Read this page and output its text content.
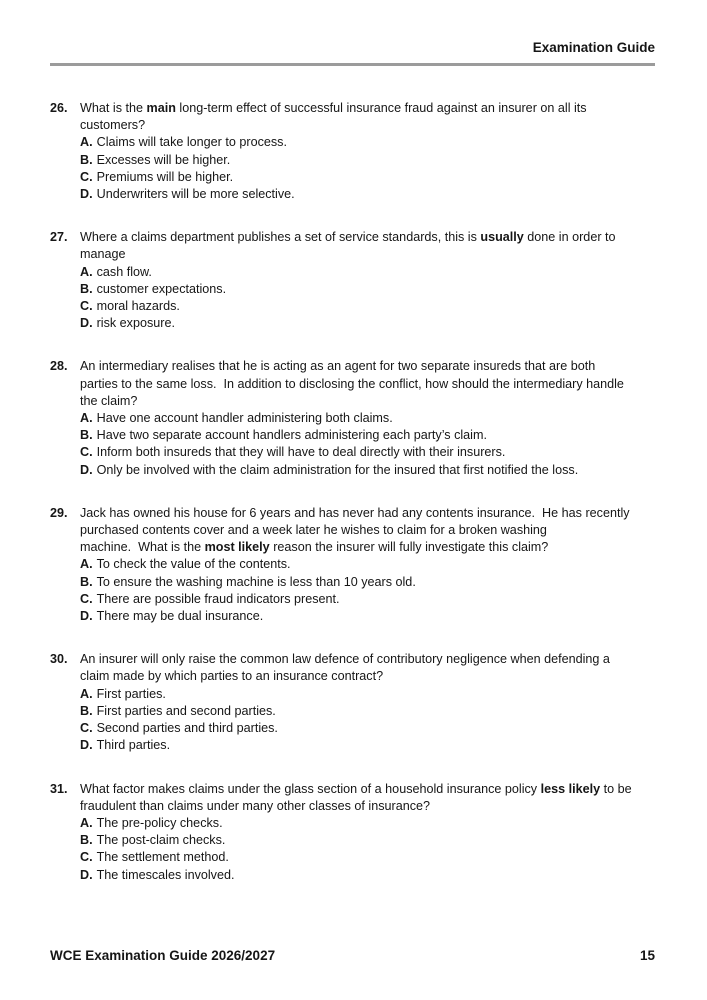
Examination Guide
26. What is the main long-term effect of successful insurance fraud against an insurer on all its
customers?
A. Claims will take longer to process.
B. Excesses will be higher.
C. Premiums will be higher.
D. Underwriters will be more selective.
27. Where a claims department publishes a set of service standards, this is usually done in order to
manage
A. cash flow.
B. customer expectations.
C. moral hazards.
D. risk exposure.
28. An intermediary realises that he is acting as an agent for two separate insureds that are both
parties to the same loss.  In addition to disclosing the conflict, how should the intermediary handle
the claim?
A. Have one account handler administering both claims.
B. Have two separate account handlers administering each party’s claim.
C. Inform both insureds that they will have to deal directly with their insurers.
D. Only be involved with the claim administration for the insured that first notified the loss.
29. Jack has owned his house for 6 years and has never had any contents insurance.  He has recently
purchased contents cover and a week later he wishes to claim for a broken washing
machine.  What is the most likely reason the insurer will fully investigate this claim?
A. To check the value of the contents.
B. To ensure the washing machine is less than 10 years old.
C. There are possible fraud indicators present.
D. There may be dual insurance.
30. An insurer will only raise the common law defence of contributory negligence when defending a
claim made by which parties to an insurance contract?
A. First parties.
B. First parties and second parties.
C. Second parties and third parties.
D. Third parties.
31. What factor makes claims under the glass section of a household insurance policy less likely to be
fraudulent than claims under many other classes of insurance?
A. The pre-policy checks.
B. The post-claim checks.
C. The settlement method.
D. The timescales involved.
WCE Examination Guide 2026/2027	15
